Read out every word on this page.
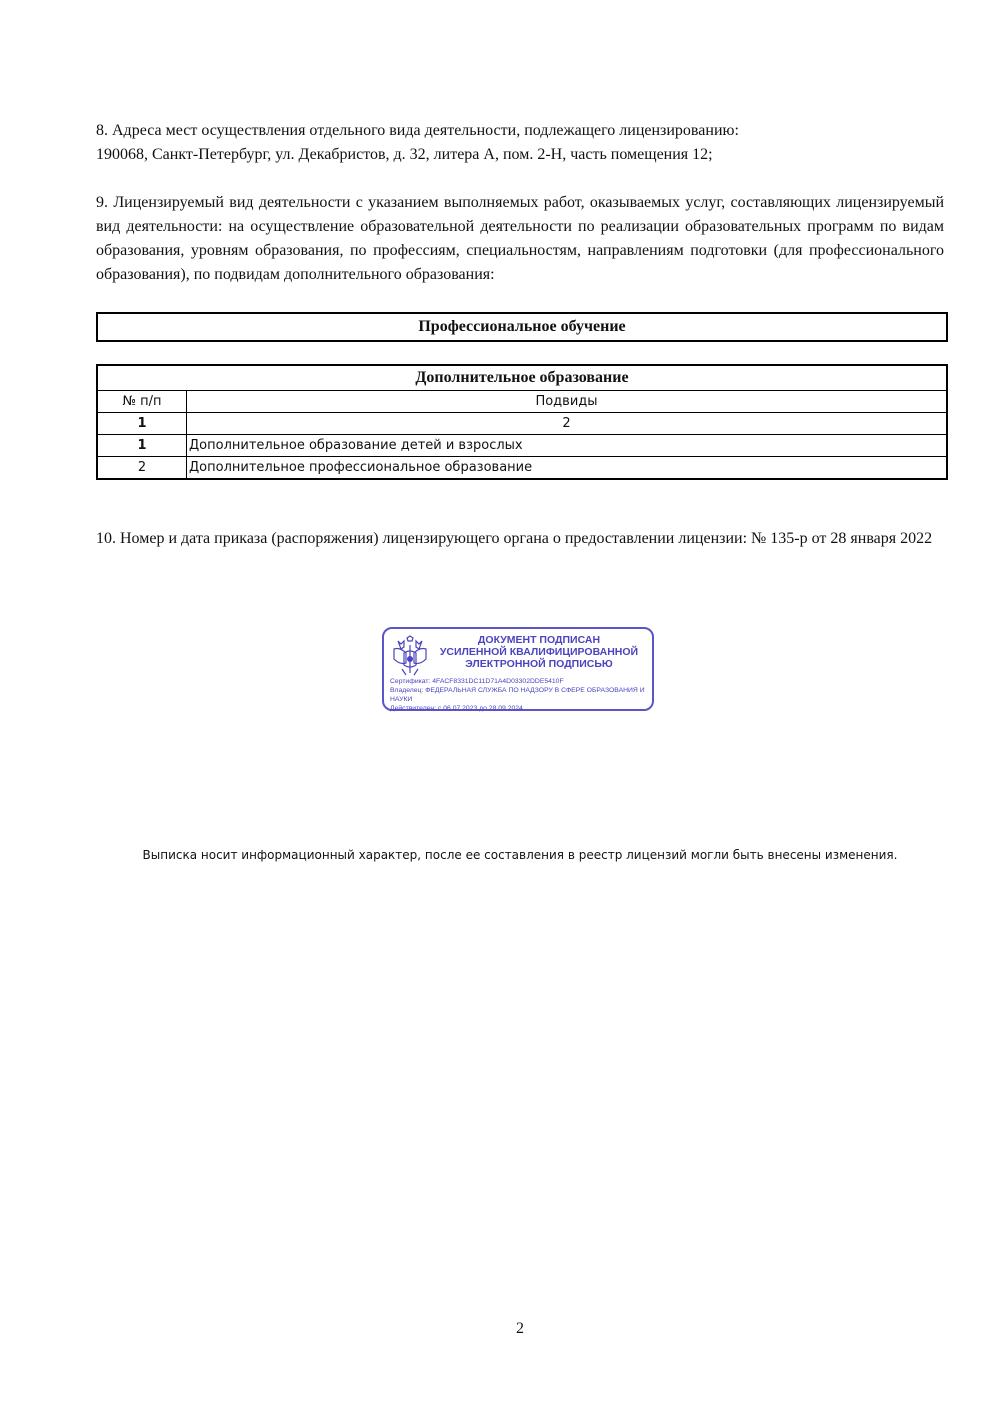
8. Адреса мест осуществления отдельного вида деятельности, подлежащего лицензированию:

190068, Санкт-Петербург, ул. Декабристов, д. 32, литера А, пом. 2-Н, часть помещения 12;

9. Лицензируемый вид деятельности с указанием выполняемых работ, оказываемых услуг, составляющих лицензируемый вид деятельности: на осуществление образовательной деятельности по реализации образовательных программ по видам образования, уровням образования, по профессиям, специальностям, направлениям подготовки (для профессионального образования), по подвидам дополнительного образования:

Профессиональное обучение
Дополнительное образование	
№ п/п	Подвиды
1	2
1	Дополнительное образование детей и взрослых
2	Дополнительное профессиональное образование

10. Номер и дата приказа (распоряжения) лицензирующего органа о предоставлении лицензии: № 135-р от 28 января 2022

ДОКУМЕНТ ПОДПИСАН
УСИЛЕННОЙ КВАЛИФИЦИРОВАННОЙ
ЭЛЕКТРОННОЙ ПОДПИСЬЮ
Сертификат: 4FACF8331DC11D71A4D03302DDE5410F
Владелец: ФЕДЕРАЛЬНАЯ СЛУЖБА ПО НАДЗОРУ В СФЕРЕ ОБРАЗОВАНИЯ И НАУКИ
Действителен: с 06.07.2023 до 28.09.2024
Выписка носит информационный характер, после ее составления в реестр лицензий могли быть внесены изменения.
2
